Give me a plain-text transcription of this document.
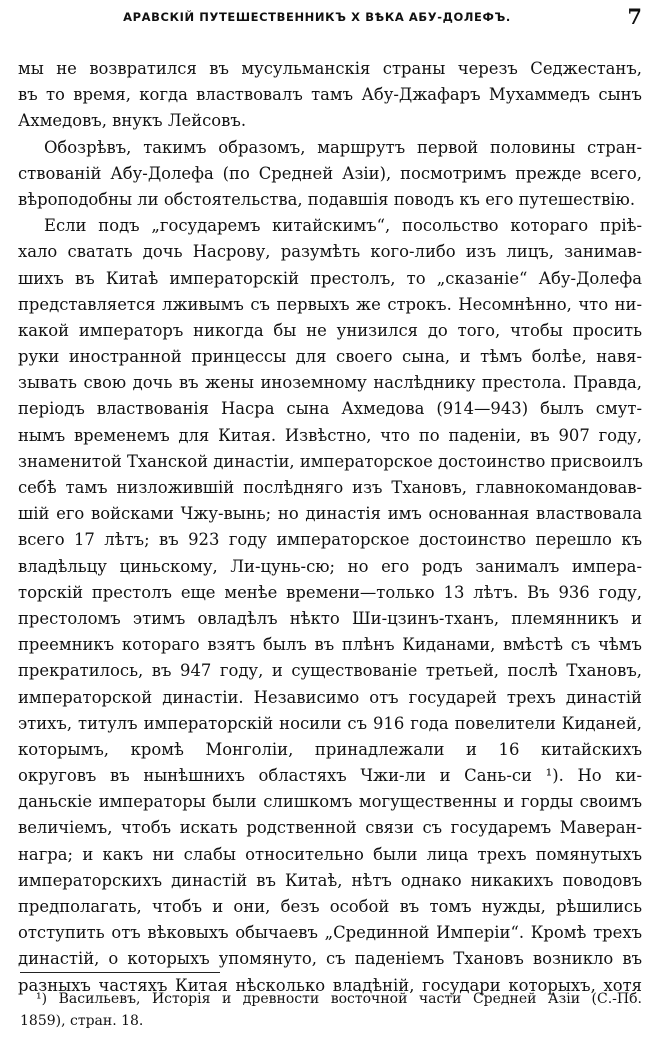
АРАВСКІЙ ПУТЕШЕСТВЕННИКЪ X ВѢКА АБУ-ДОЛЕФЪ.	7
мы не возвратился въ мусульманскія страны черезъ Седжестанъ,
въ то время, когда властвовалъ тамъ Абу-Джафаръ Мухаммедъ сынъ
Ахмедовъ, внукъ Лейсовъ.
Обозрѣвъ, такимъ образомъ, маршрутъ первой половины стран-
ствованій Абу-Долефа (по Средней Азіи), посмотримъ прежде всего,
вѣроподобны ли обстоятельства, подавшія поводъ къ его путешествію.
Если подъ „государемъ китайскимъ“, посольство котораго пріѣ-
хало сватать дочь Насрову, разумѣть кого-либо изъ лицъ, занимав-
шихъ въ Китаѣ императорскій престолъ, то „сказаніе“ Абу-Долефа
представляется лживымъ съ первыхъ же строкъ. Несомнѣнно, что ни-
какой императоръ никогда бы не унизился до того, чтобы просить
руки иностранной принцессы для своего сына, и тѣмъ болѣе, навя-
зывать свою дочь въ жены иноземному наслѣднику престола. Правда,
періодъ властвованія Насра сына Ахмедова (914—943) былъ смут-
нымъ временемъ для Китая. Извѣстно, что по паденіи, въ 907 году,
знаменитой Тханской династіи, императорское достоинство присвоилъ
себѣ тамъ низложившій послѣдняго изъ Тхановъ, главнокомандовав-
шій его войсками Чжу-вынь; но династія имъ основанная властвовала
всего 17 лѣтъ; въ 923 году императорское достоинство перешло къ
владѣльцу циньскому, Ли-цунь-сю; но его родъ занималъ импера-
торскій престолъ еще менѣе времени—только 13 лѣтъ. Въ 936 году,
престоломъ этимъ овладѣлъ нѣкто Ши-цзинъ-тханъ, племянникъ и
преемникъ котораго взятъ былъ въ плѣнъ Киданами, вмѣстѣ съ чѣмъ
прекратилось, въ 947 году, и существованіе третьей, послѣ Тхановъ,
императорской династіи. Независимо отъ государей трехъ династій
этихъ, титулъ императорскій носили съ 916 года повелители Киданей,
которымъ, кромѣ Монголіи, принадлежали и 16 китайскихъ
округовъ въ нынѣшнихъ областяхъ Чжи-ли и Сань-си ¹). Но ки-
даньскіе императоры были слишкомъ могущественны и горды своимъ
величіемъ, чтобъ искать родственной связи съ государемъ Маверан-
награ; и какъ ни слабы относительно были лица трехъ помянутыхъ
императорскихъ династій въ Китаѣ, нѣтъ однако никакихъ поводовъ
предполагать, чтобъ и они, безъ особой въ томъ нужды, рѣшились
отступить отъ вѣковыхъ обычаевъ „Срединной Имперіи“. Кромѣ трехъ
династій, о которыхъ упомянуто, съ паденіемъ Тхановъ возникло въ
разныхъ частяхъ Китая нѣсколько владѣній, государи которыхъ, хотя
¹) Васильевъ, Исторія и древности восточной части Средней Азіи (С.-Пб.
1859), стран. 18.
